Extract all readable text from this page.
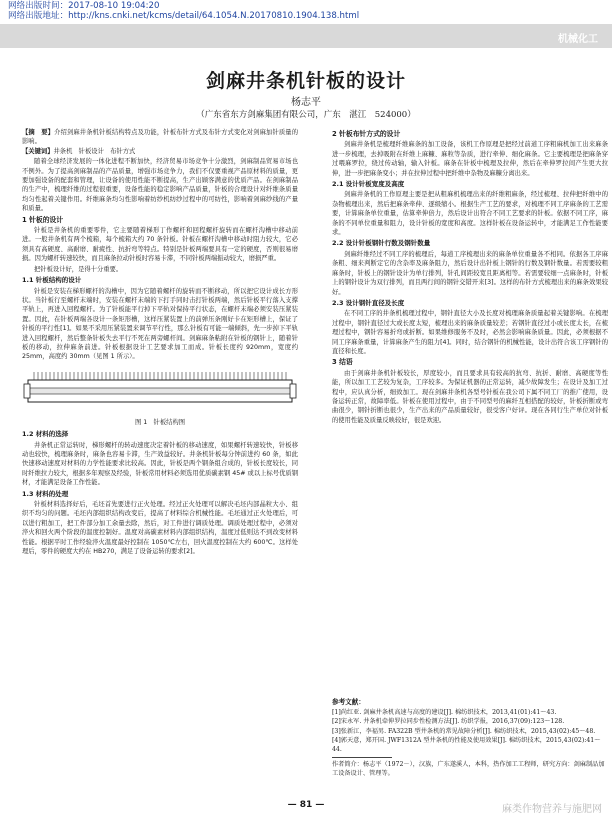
网络出版时间：2017-08-10 19:04:20
网络出版地址：http://kns.cnki.net/kcms/detail/64.1054.N.20170810.1904.138.html
机械化工
剑麻井条机针板的设计
杨志平
（广东省东方剑麻集团有限公司，广东　湛江　524000）

【摘　要】介绍剑麻井条机针板结构特点及功能，针板布针方式及布针方式变化对剑麻加针质量的影响。
【关键词】井条机　针板设计　布针方式

随着全球经济发展的一体化进程不断加快，经济贸易市场竞争十分激烈，剑麻制品贸易市场也不例外。为了提高剑麻制品的产品质量，增强市场竞争力，我们不仅要重视产品原材料的质量，更要加强设备的配套和管理，让设备的使用性能不断提高，生产出顾客满意的优质产品。在剑麻制品的生产中，梳理纤维的过程很重要，设备性能的稳定影响产品质量，针板的合理设计对纤维条质量均匀性起着关键作用。纤维麻条均匀性影响着纺纱机纺纱过程中的可纺性，影响着剑麻纱线的产量和质量。

1 针板的设计

针板是井条机的重要零件，它主要随着梯形丁作螺杆和回程螺杆旋转而在螺杆沟槽中移动前进。一般井条机有两个梳箱，每个梳箱大约 70 条针板。针板在螺杆沟槽中移动时阻力较大，它必须具有高硬度、高耐磨、耐疲性、抗折弯等特点。特别是针板两端要具有一定的硬度，否则很易磨损。因为螺杆转速较快，而且麻条拉动针板时容易卡滞，不同针板两端振动较大，磨损严重。

把针板设计好，是得十分重要。

1.1 针板结构的设计

针板是安装在梯形螺杆的沟槽中，因为它随着螺杆的旋转而不断移动，所以把它设计成长方形状。当针板行至螺杆末端时，安装在螺杆末端的下打手同时击打针板两端，然后针板平行落入支撑平轨上，再进入回程螺杆。为了针板能平行掉下平轨对保持平行状态，在螺杆末端必须安装压紧装置。因此，在针板两端各设计一条矩形槽，这样压紧装置上的前弹压条刚好卡在矩形槽上，保证了针板的平行性[1]。如果不采用压紧装置来调节平行性，那么针板有可能一端倾斜，先一步掉下平轨进入回程螺杆，然后整条针板失去平行不死在两旁螺杆间。剑麻麻条粘附在针板的钢针上，随着针板的移动，拉伸麻条前进。针板根据设计工艺要求加工而成。针板长度约 920mm，宽度约 25mm，高度约 30mm（见图 1 所示）。

图 1　针板结构图
1.2 材料的选择

井条机正常运转时，梯形螺杆的转动速度决定着针板的移动速度，如果螺杆转速较快，针板移动也较快，梳理麻条时，麻条也容易卡滞，生产效益较好。井条机针板每分钟前进约 60 条，如此快速移动速度对材料的力学性能要求比较高。因此，针板是两个钢条组合成的，针板长度较长，同时纤维拉力较大，根据多年观察及经验，针板常用材料必须选用优质碳素钢 45# 或以上标号优质钢材，才能满足设备工作性能。

1.3 材料的处理

针板材料选择好后，毛坯首先要进行正火处理。经过正火处理可以解决毛坯内部晶粒大小、组织不均匀的问题。毛坯内部组织结构改变后，提高了材料综合机械性能。毛坯通过正火处理后，可以进行粗加工，把工件部分加工余量去除，然后，对工件进行调质处理。调质处理过程中，必须对淬火和回火两个阶段的温度控制好。温度对高碳素材料内部组织结构，温度过低则达不到改变材料性能。根据平时工作经验淬火温度最好控制在 1050℃左右，回火温度控制在大约 600℃。这样处理后，零件的硬度大约在 HB270，满足了设备运转的要求[2]。

2 针板布针方式的设计

剑麻井条机是梳理纤维麻条的加工设备，该机工作原理是把经过前道工序粗麻机加工出来麻条进一步梳理，去掉吸附在纤维上麻糠、麻粒等杂质，进行牵伸、细化麻条。它主要梳理是把麻条穿过喂麻罗拉，绕过传动轴，输入针板。麻条在针板中梳理及拉伸，然后在牵伸罗拉间产生更大拉伸，进一步把麻条变小；并在拉伸过程中把纤维中杂物及麻糠分离出来。

2.1 设计针板宽度及高度

剑麻井条机的工作原理主要是把从粗麻机梳理出来的纤维粗麻条，经过梳理、拉伸把纤维中的杂物梳理出来，然后把麻条牵伸、逐级缩小。根据生产工艺的要求，对梳理不同工序麻条的工艺需要，计算麻条单位重量，估算牵伸倍力，然后设计出符合不同工艺要求的针板。依据不同工序，麻条的不同单位重量和阻力，设计针板的宽度和高度。这样针板在设备运转中，才能满足工作性能要求。

2.2 设计针板钢针行数及钢针数量

剑麻纤维经过不同工序的梳理后，每道工序梳理出来的麻条单位重量各不相同。依据各工序麻条粗、细来判断定它的含杂率及麻条阻力，然后设计出针板上钢针的行数及钢针数量。若需要较粗麻条时，针板上的钢针设计为单行排列，针孔间距较宽且距离相等。若需要较细一点麻条时，针板上的钢针设计为双行排列，而且两行间的钢针交错开来[3]。这样的布针方式梳理出来的麻条效果较好。

2.3 设计钢针直径及长度

在不同工序的井条机梳理过程中，钢针直径大小及长度对梳理麻条质量起着关键影响。在梳理过程中，钢针直径过大或长度太短，梳理出来的麻条质量较差；若钢针直径过小或长度太长，在梳理过程中，钢针容易折弯或折断。如果维修服务不及时，必然会影响麻条质量。因此，必须根据不同工序麻条重量，计算麻条产生的阻力[4]。同时，结合钢针的机械性能，设计出符合该工序钢针的直径和长度。

3 结语

由于剑麻井条机针板较长，厚度较小，而且要求具有较高的抗弯、抗折、耐磨、高硬度等性能，所以加工工艺较为复杂，工序较多。为保证机器的正常运转，减少故障发生；在设计及加工过程中，应认真分析，细致加工。现在剑麻井条机各型号针板在我公司下属不同工厂的推广使用，设备运转正常，故障率低。针板在使用过程中，由于不同型号的麻纤互相搭配的较好，针板折断或弯曲很少，钢针折断也很少，生产出来的产品质量较好，很受客户好评。现在各同行生产单位对针板的使用性能及质量反映较好，很是欢迎。

参考文献：
[1]尚红亚. 剑麻井条机高速与高度的建设[J]. 棉纺织技术，2013,41(01):41～43.
[2]宋永军. 井条机牵伸罗拉同步性检测方法[J]. 纺织学报，2016,37(09):123～128.
[3]张新江，李福男. FA322B 型井条机的常见故障分析[J]. 棉纺织技术，2015,43(02):45～48.
[4]郭天意，郑开国. JWF1312A 型井条机的性能及使用效果[J]. 棉纺织技术，2015,43(02):41～44.
作者简介：杨志平（1972－），汉族，广东遂溪人，本科，热作加工工程师，研究方向：剑麻制品加工设备设计、管理等。
— 81 —	麻类作物营养与施肥网
